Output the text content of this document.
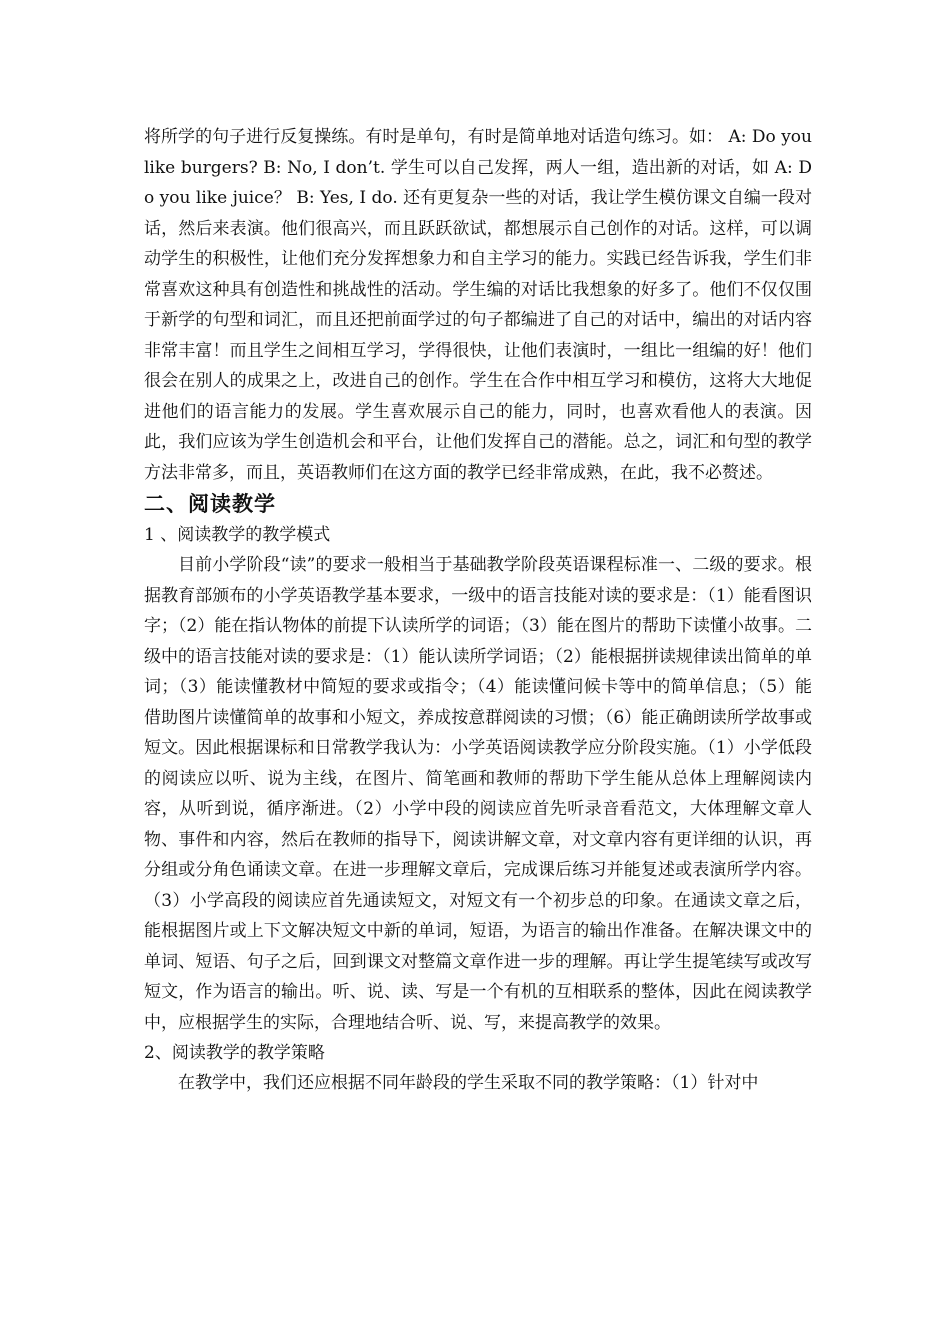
将所学的句子进行反复操练。有时是单句，有时是简单地对话造句练习。如： A: Do you like burgers? B: No, I don’t. 学生可以自己发挥，两人一组，造出新的对话，如 A: Do you like juice？ B: Yes, I do. 还有更复杂一些的对话，我让学生模仿课文自编一段对话，然后来表演。他们很高兴，而且跃跃欲试，都想展示自己创作的对话。这样，可以调动学生的积极性，让他们充分发挥想象力和自主学习的能力。实践已经告诉我，学生们非常喜欢这种具有创造性和挑战性的活动。学生编的对话比我想象的好多了。他们不仅仅围于新学的句型和词汇，而且还把前面学过的句子都编进了自己的对话中，编出的对话内容非常丰富！而且学生之间相互学习，学得很快，让他们表演时，一组比一组编的好！他们很会在别人的成果之上，改进自己的创作。学生在合作中相互学习和模仿，这将大大地促进他们的语言能力的发展。学生喜欢展示自己的能力，同时，也喜欢看他人的表演。因此，我们应该为学生创造机会和平台，让他们发挥自己的潜能。总之，词汇和句型的教学方法非常多，而且，英语教师们在这方面的教学已经非常成熟，在此，我不必赘述。

二、阅读教学

1 、阅读教学的教学模式

目前小学阶段“读”的要求一般相当于基础教学阶段英语课程标准一、二级的要求。根据教育部颁布的小学英语教学基本要求，一级中的语言技能对读的要求是：（1）能看图识字；（2）能在指认物体的前提下认读所学的词语；（3）能在图片的帮助下读懂小故事。二级中的语言技能对读的要求是：（1）能认读所学词语；（2）能根据拼读规律读出简单的单词；（3）能读懂教材中简短的要求或指令；（4）能读懂问候卡等中的简单信息；（5）能借助图片读懂简单的故事和小短文，养成按意群阅读的习惯；（6）能正确朗读所学故事或短文。因此根据课标和日常教学我认为：小学英语阅读教学应分阶段实施。（1）小学低段的阅读应以听、说为主线，在图片、简笔画和教师的帮助下学生能从总体上理解阅读内容，从听到说，循序渐进。（2）小学中段的阅读应首先听录音看范文，大体理解文章人物、事件和内容，然后在教师的指导下，阅读讲解文章，对文章内容有更详细的认识，再分组或分角色诵读文章。在进一步理解文章后，完成课后练习并能复述或表演所学内容。（3）小学高段的阅读应首先通读短文，对短文有一个初步总的印象。在通读文章之后，能根据图片或上下文解决短文中新的单词，短语，为语言的输出作准备。在解决课文中的单词、短语、句子之后，回到课文对整篇文章作进一步的理解。再让学生提笔续写或改写短文，作为语言的输出。听、说、读、写是一个有机的互相联系的整体，因此在阅读教学中，应根据学生的实际，合理地结合听、说、写，来提高教学的效果。

2、阅读教学的教学策略

在教学中，我们还应根据不同年龄段的学生采取不同的教学策略：（1）针对中
